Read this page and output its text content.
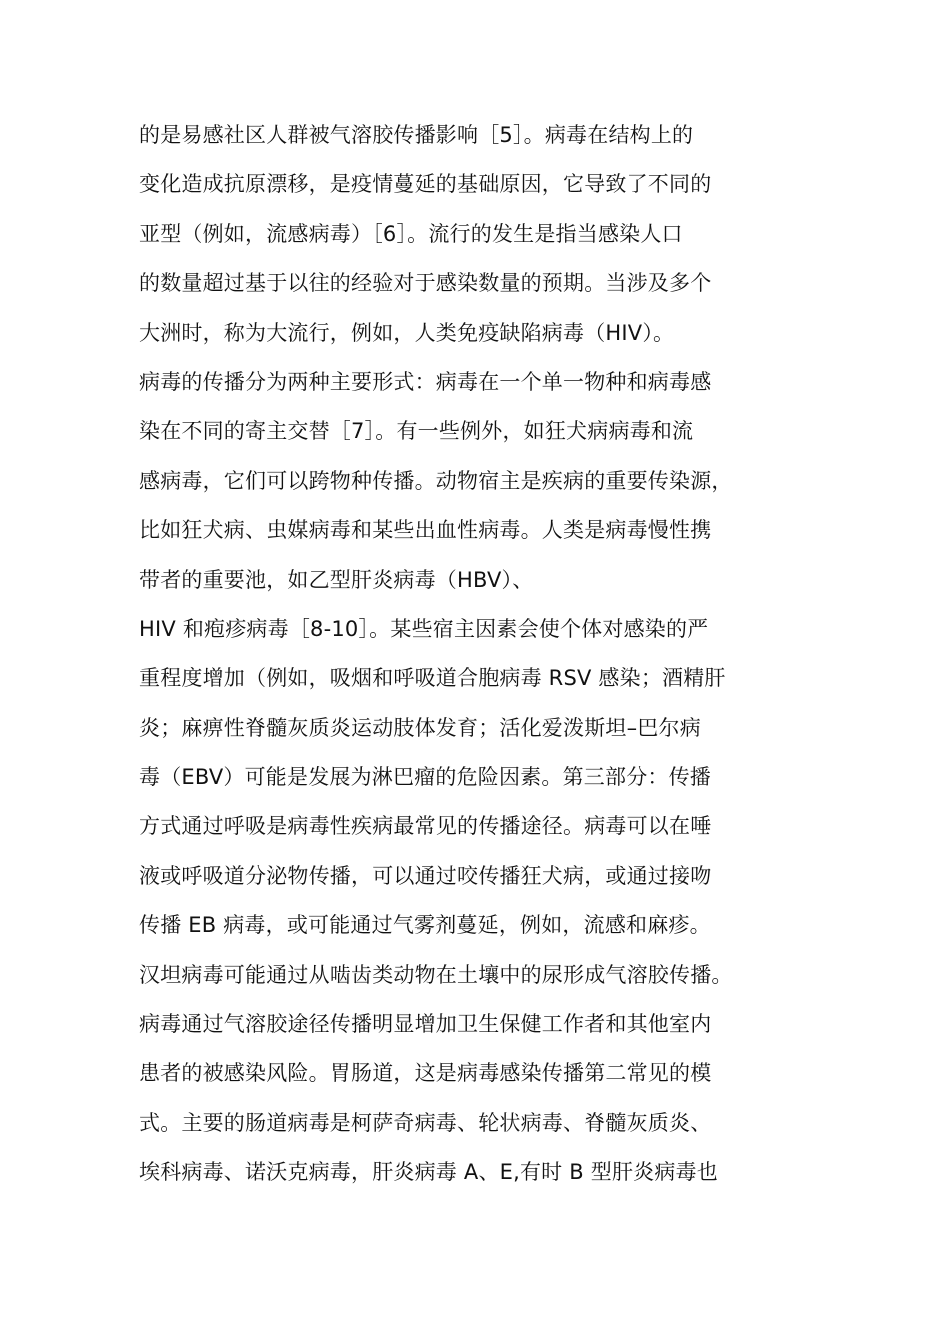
的是易感社区人群被气溶胶传播影响［5］。病毒在结构上的
变化造成抗原漂移，是疫情蔓延的基础原因，它导致了不同的
亚型（例如，流感病毒）［6］。流行的发生是指当感染人口
的数量超过基于以往的经验对于感染数量的预期。当涉及多个
大洲时，称为大流行，例如，人类免疫缺陷病毒（HIV）。
病毒的传播分为两种主要形式：病毒在一个单一物种和病毒感
染在不同的寄主交替［7］。有一些例外，如狂犬病病毒和流
感病毒，它们可以跨物种传播。动物宿主是疾病的重要传染源，
比如狂犬病、虫媒病毒和某些出血性病毒。人类是病毒慢性携
带者的重要池，如乙型肝炎病毒（HBV）、
HIV 和疱疹病毒［8-10］。某些宿主因素会使个体对感染的严
重程度增加（例如，吸烟和呼吸道合胞病毒 RSV 感染；酒精肝
炎；麻痹性脊髓灰质炎运动肢体发育；活化爱泼斯坦–巴尔病
毒（EBV）可能是发展为淋巴瘤的危险因素。第三部分：传播
方式通过呼吸是病毒性疾病最常见的传播途径。病毒可以在唾
液或呼吸道分泌物传播，可以通过咬传播狂犬病，或通过接吻
传播 EB 病毒，或可能通过气雾剂蔓延，例如，流感和麻疹。
汉坦病毒可能通过从啮齿类动物在土壤中的尿形成气溶胶传播。
病毒通过气溶胶途径传播明显增加卫生保健工作者和其他室内
患者的被感染风险。胃肠道，这是病毒感染传播第二常见的模
式。主要的肠道病毒是柯萨奇病毒、轮状病毒、脊髓灰质炎、
埃科病毒、诺沃克病毒，肝炎病毒 A、E,有时 B 型肝炎病毒也
